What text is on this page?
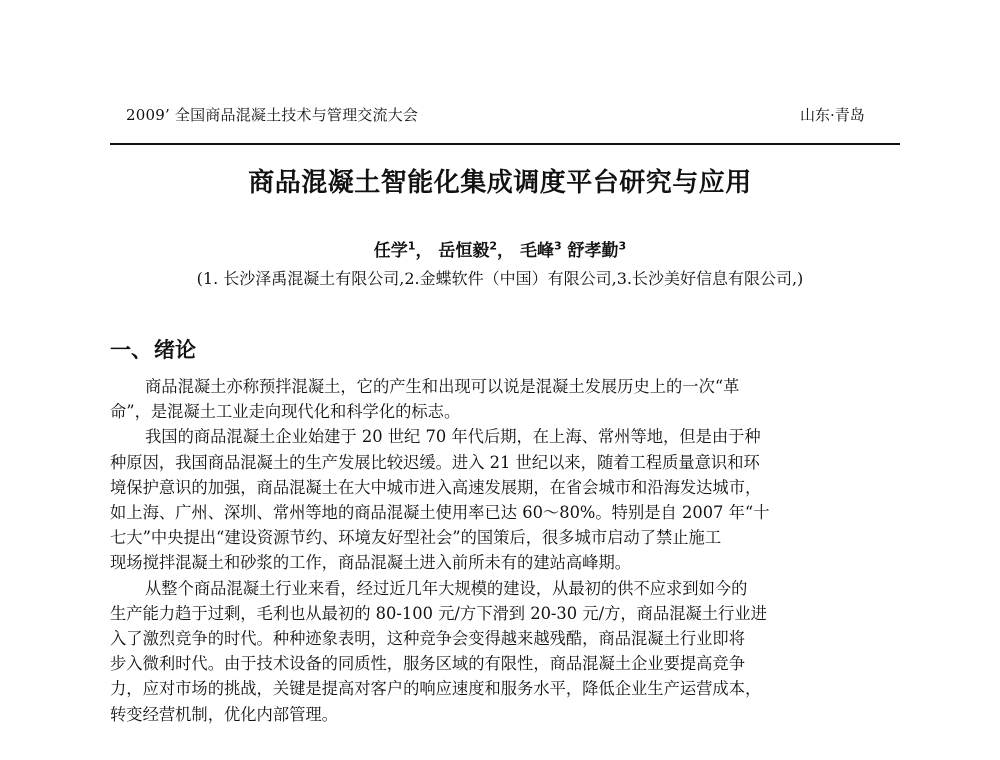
2009’ 全国商品混凝土技术与管理交流大会	山东·青岛
商品混凝土智能化集成调度平台研究与应用
任学$^1$， 岳恒毅$^2$， 毛峰$^3$ 舒孝勤$^3$
(1. 长沙泽禹混凝土有限公司,2.金蝶软件（中国）有限公司,3.长沙美好信息有限公司,)
一、绪论
商品混凝土亦称预拌混凝土，它的产生和出现可以说是混凝土发展历史上的一次“革
命”，是混凝土工业走向现代化和科学化的标志。
我国的商品混凝土企业始建于 20 世纪 70 年代后期，在上海、常州等地，但是由于种
种原因，我国商品混凝土的生产发展比较迟缓。进入 21 世纪以来，随着工程质量意识和环
境保护意识的加强，商品混凝土在大中城市进入高速发展期，在省会城市和沿海发达城市，
如上海、广州、深圳、常州等地的商品混凝土使用率已达 60～80%。特别是自 2007 年“十
七大”中央提出“建设资源节约、环境友好型社会”的国策后，很多城市启动了禁止施工
现场搅拌混凝土和砂浆的工作，商品混凝土进入前所未有的建站高峰期。
从整个商品混凝土行业来看，经过近几年大规模的建设，从最初的供不应求到如今的
生产能力趋于过剩，毛利也从最初的 80-100 元/方下滑到 20-30 元/方，商品混凝土行业进
入了激烈竞争的时代。种种迹象表明，这种竞争会变得越来越残酷，商品混凝土行业即将
步入微利时代。由于技术设备的同质性，服务区域的有限性，商品混凝土企业要提高竞争
力，应对市场的挑战，关键是提高对客户的响应速度和服务水平，降低企业生产运营成本，
转变经营机制，优化内部管理。
